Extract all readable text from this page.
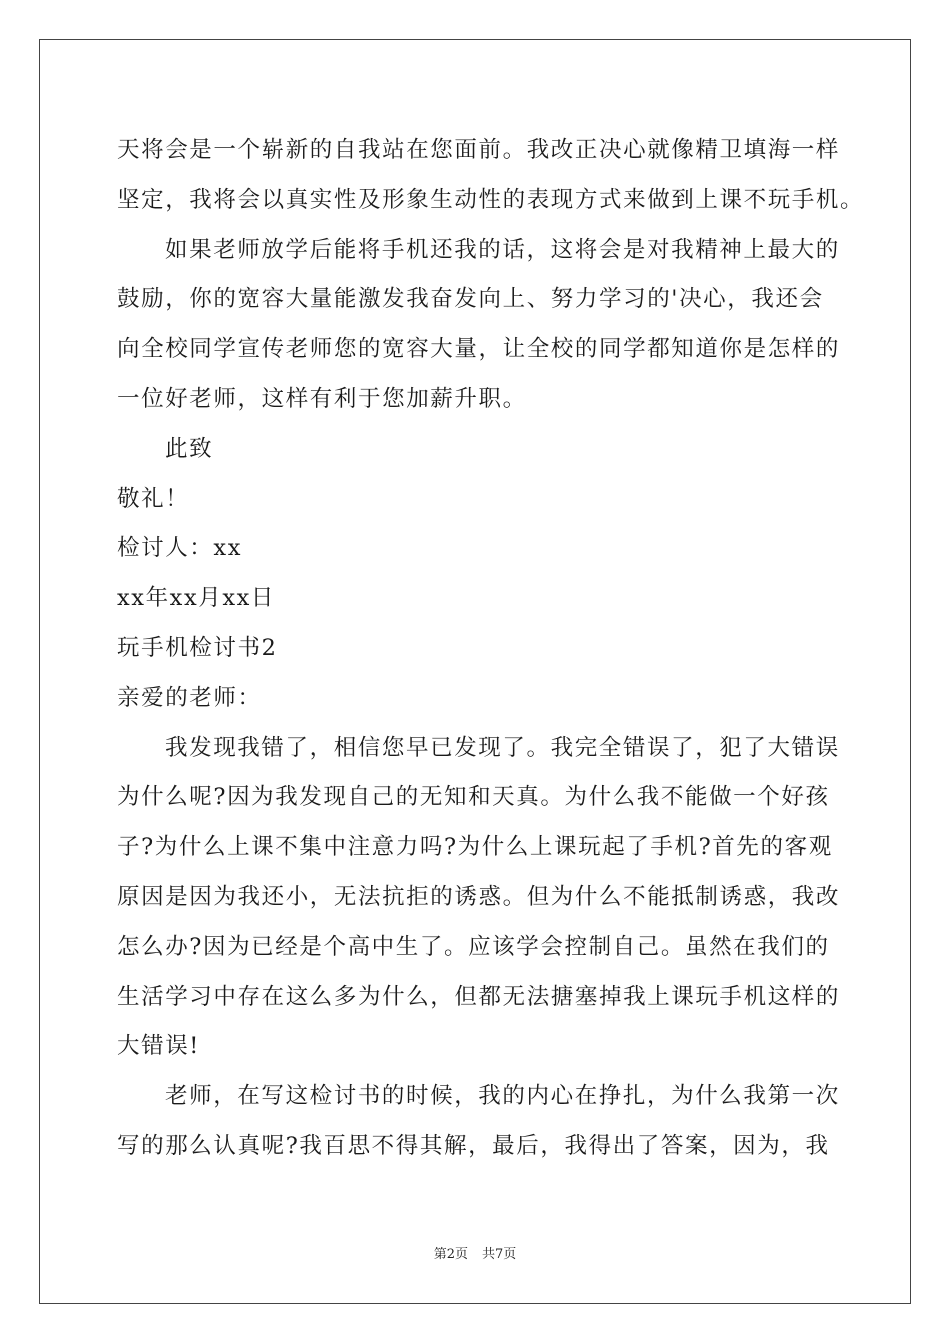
天将会是一个崭新的自我站在您面前。我改正决心就像精卫填海一样
坚定，我将会以真实性及形象生动性的表现方式来做到上课不玩手机。
如果老师放学后能将手机还我的话，这将会是对我精神上最大的
鼓励，你的宽容大量能激发我奋发向上、努力学习的'决心，我还会
向全校同学宣传老师您的宽容大量，让全校的同学都知道你是怎样的
一位好老师，这样有利于您加薪升职。
此致
敬礼！
检讨人：xx
xx年xx月xx日
玩手机检讨书2
亲爱的老师：
我发现我错了，相信您早已发现了。我完全错误了，犯了大错误
为什么呢?因为我发现自己的无知和天真。为什么我不能做一个好孩
子?为什么上课不集中注意力吗?为什么上课玩起了手机?首先的客观
原因是因为我还小，无法抗拒的诱惑。但为什么不能抵制诱惑，我改
怎么办?因为已经是个高中生了。应该学会控制自己。虽然在我们的
生活学习中存在这么多为什么，但都无法搪塞掉我上课玩手机这样的
大错误!
老师，在写这检讨书的时候，我的内心在挣扎，为什么我第一次
写的那么认真呢?我百思不得其解，最后，我得出了答案，因为，我
第2页 共7页
